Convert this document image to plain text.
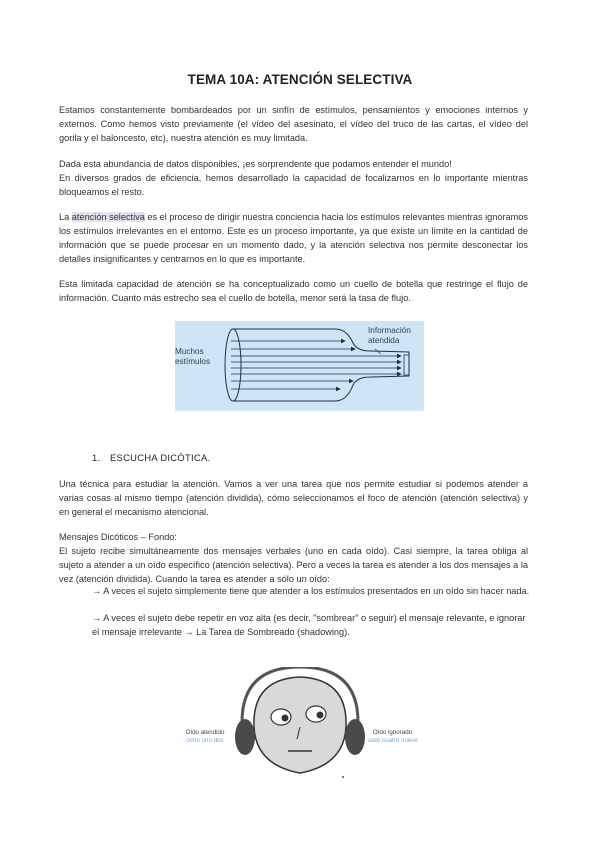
TEMA 10A: ATENCIÓN SELECTIVA
Estamos constantemente bombardeados por un sinfín de estímulos, pensamientos y emociones internos y externos. Como hemos visto previamente (el vídeo del asesinato, el vídeo del truco de las cartas, el vídeo del gorila y el baloncesto, etc), nuestra atención es muy limitada.
Dada esta abundancia de datos disponibles, ¡es sorprendente que podamos entender el mundo!
En diversos grados de eficiencia, hemos desarrollado la capacidad de focalizarnos en lo importante mientras bloqueamos el resto.
La atención selectiva es el proceso de dirigir nuestra conciencia hacia los estímulos relevantes mientras ignoramos los estímulos irrelevantes en el entorno. Este es un proceso importante, ya que existe un límite en la cantidad de información que se puede procesar en un momento dado, y la atención selectiva nos permite desconectar los detalles insignificantes y centrarnos en lo que es importante.
Esta limitada capacidad de atención se ha conceptualizado como un cuello de botella que restringe el flujo de información. Cuanto más estrecho sea el cuello de botella, menor será la tasa de flujo.
Muchos
estímulos
Información
atendida
1. ESCUCHA DICÓTICA.
Una técnica para estudiar la atención. Vamos a ver una tarea que nos permite estudiar si podemos atender a varias cosas al mismo tiempo (atención dividida), cómo seleccionamos el foco de atención (atención selectiva) y en general el mecanismo atencional.
Mensajes Dicóticos – Fondo:
El sujeto recibe simultáneamente dos mensajes verbales (uno en cada oído). Casi siempre, la tarea obliga al sujeto a atender a un oído específico (atención selectiva). Pero a veces la tarea es atender a los dos mensajes a la vez (atención dividida). Cuando la tarea es atender a sólo un oído:
→ A veces el sujeto simplemente tiene que atender a los estímulos presentados en un oído sin hacer nada.
→ A veces el sujeto debe repetir en voz alta (es decir, "sombrear" o seguir) el mensaje relevante, e ignorar el mensaje irrelevante → La Tarea de Sombreado (shadowing).
Oído atendido
ocho uno dos
Oído ignorado
siete cuatro nueve
